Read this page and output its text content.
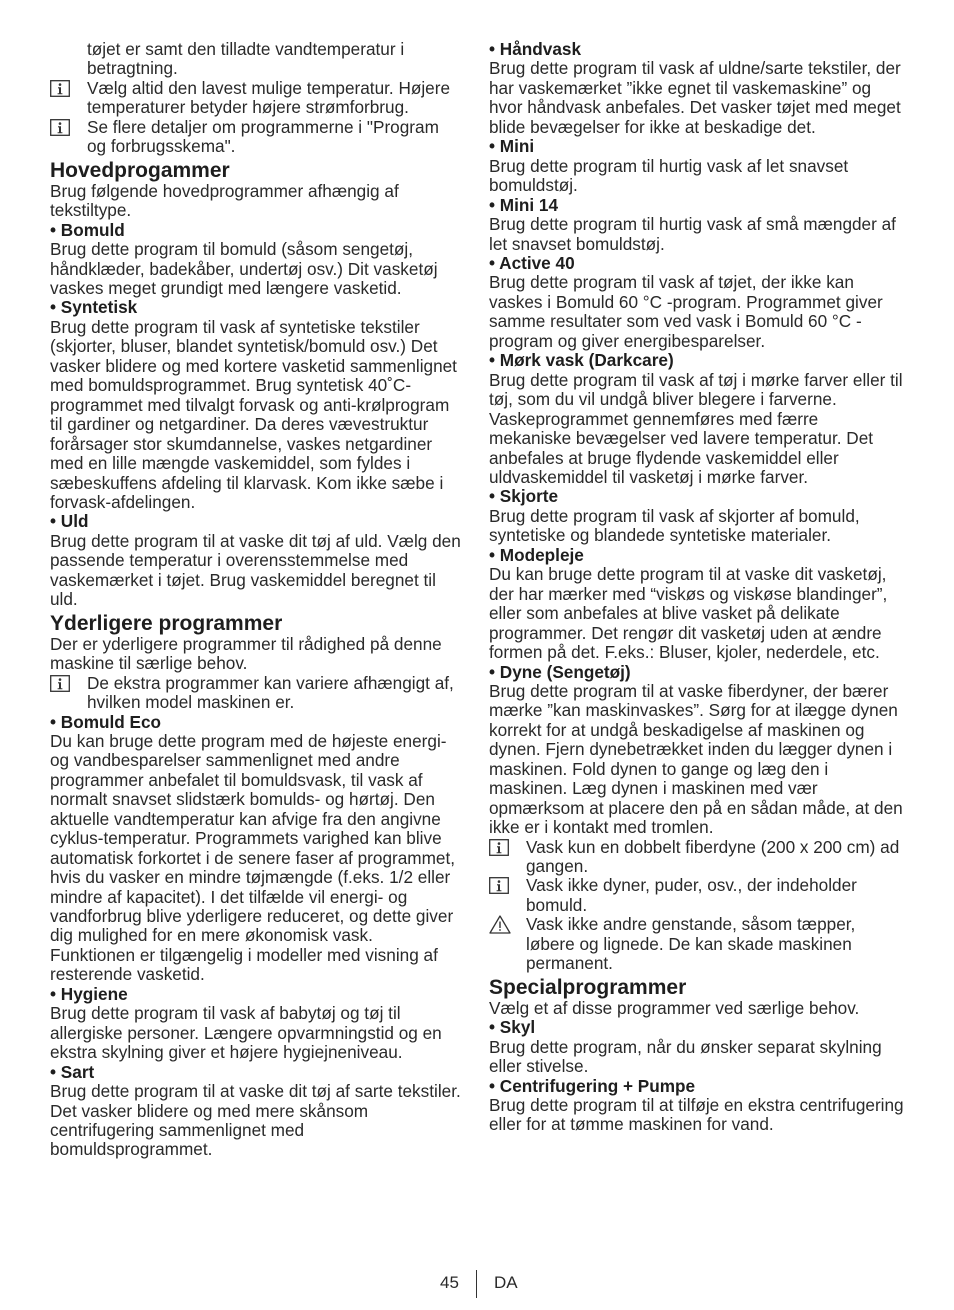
tøjet er samt den tilladte vandtemperatur i betragtning.

Vælg altid den lavest mulige temperatur. Højere temperaturer betyder højere strømforbrug.
Se flere detaljer om programmerne i "Program og forbrugsskema".

Hovedprogammer

Brug følgende hovedprogrammer afhængig af tekstiltype.

• Bomuld

Brug dette program til bomuld (såsom sengetøj, håndklæder, badekåber, undertøj osv.) Dit vasketøj vaskes meget grundigt med længere vasketid.

• Syntetisk

Brug dette program til vask af syntetiske tekstiler (skjorter, bluser, blandet syntetisk/bomuld osv.) Det vasker blidere og med kortere vasketid sammenlignet med bomuldsprogrammet. Brug syntetisk 40˚C-programmet med tilvalgt forvask og anti-krølprogram til gardiner og netgardiner. Da deres vævestruktur forårsager stor skumdannelse, vaskes netgardiner med en lille mængde vaskemiddel, som fyldes i sæbeskuffens afdeling til klarvask. Kom ikke sæbe i forvask-afdelingen.

• Uld

Brug dette program til at vaske dit tøj af uld. Vælg den passende temperatur i overensstemmelse med vaskemærket i tøjet. Brug vaskemiddel beregnet til uld.

Yderligere programmer

Der er yderligere programmer til rådighed på denne maskine til særlige behov.

De ekstra programmer kan variere afhængigt af, hvilken model maskinen er.

• Bomuld Eco

Du kan bruge dette program med de højeste energi- og vandbesparelser sammenlignet med andre programmer anbefalet til bomuldsvask, til vask af normalt snavset slidstærk bomulds- og hørtøj. Den aktuelle vandtemperatur kan afvige fra den angivne cyklus-temperatur. Programmets varighed kan blive automatisk forkortet i de senere faser af programmet, hvis du vasker en mindre tøjmængde (f.eks. 1/2 eller mindre af kapacitet). I det tilfælde vil energi- og vandforbrug blive yderligere reduceret, og dette giver dig mulighed for en mere økonomisk vask. Funktionen er tilgængelig i modeller med visning af resterende vasketid.

• Hygiene

Brug dette program til vask af babytøj og tøj til allergiske personer. Længere opvarmningstid og en ekstra skylning giver et højere hygiejneniveau.

• Sart

Brug dette program til at vaske dit tøj af sarte tekstiler. Det vasker blidere og med mere skånsom centrifugering sammenlignet med bomuldsprogrammet.

• Håndvask

Brug dette program til vask af uldne/sarte tekstiler, der har vaskemærket ”ikke egnet til vaskemaskine” og hvor håndvask anbefales. Det vasker tøjet med meget blide bevægelser for ikke at beskadige det.

• Mini

Brug dette program til hurtig vask af let snavset bomuldstøj.

• Mini 14

Brug dette program til hurtig vask af små mængder af let snavset bomuldstøj.

• Active 40

Brug dette program til vask af tøjet, der ikke kan vaskes i Bomuld 60 °C -program. Programmet giver samme resultater som ved vask i Bomuld 60 °C -program og giver energibesparelser.

• Mørk vask (Darkcare)

Brug dette program til vask af tøj i mørke farver eller til tøj, som du vil undgå bliver blegere i farverne. Vaskeprogrammet gennemføres med færre mekaniske bevægelser ved lavere temperatur. Det anbefales at bruge flydende vaskemiddel eller uldvaskemiddel til vasketøj i mørke farver.

• Skjorte

Brug dette program til vask af skjorter af bomuld, syntetiske og blandede syntetiske materialer.

• Modepleje

Du kan bruge dette program til at vaske dit vasketøj, der har mærker med “viskøs og viskøse blandinger”, eller som anbefales at blive vasket på delikate programmer. Det rengør dit vasketøj uden at ændre formen på det. F.eks.: Bluser, kjoler, nederdele, etc.

• Dyne (Sengetøj)

Brug dette program til at vaske fiberdyner, der bærer mærke ”kan maskinvaskes”. Sørg for at ilægge dynen korrekt for at undgå beskadigelse af maskinen og dynen. Fjern dynebetrækket inden du lægger dynen i maskinen. Fold dynen to gange og læg den i maskinen. Læg dynen i maskinen med vær opmærksom at placere den på en sådan måde, at den ikke er i kontakt med tromlen.

Vask kun en dobbelt fiberdyne (200 x 200 cm) ad gangen.
Vask ikke dyner, puder, osv., der indeholder bomuld.
Vask ikke andre genstande, såsom tæpper, løbere og lignede. De kan skade maskinen permanent.

Specialprogrammer

Vælg et af disse programmer ved særlige behov.

• Skyl

Brug dette program, når du ønsker separat skylning eller stivelse.

• Centrifugering + Pumpe

Brug dette program til at tilføje en ekstra centrifugering eller for at tømme maskinen for vand.

45 DA
